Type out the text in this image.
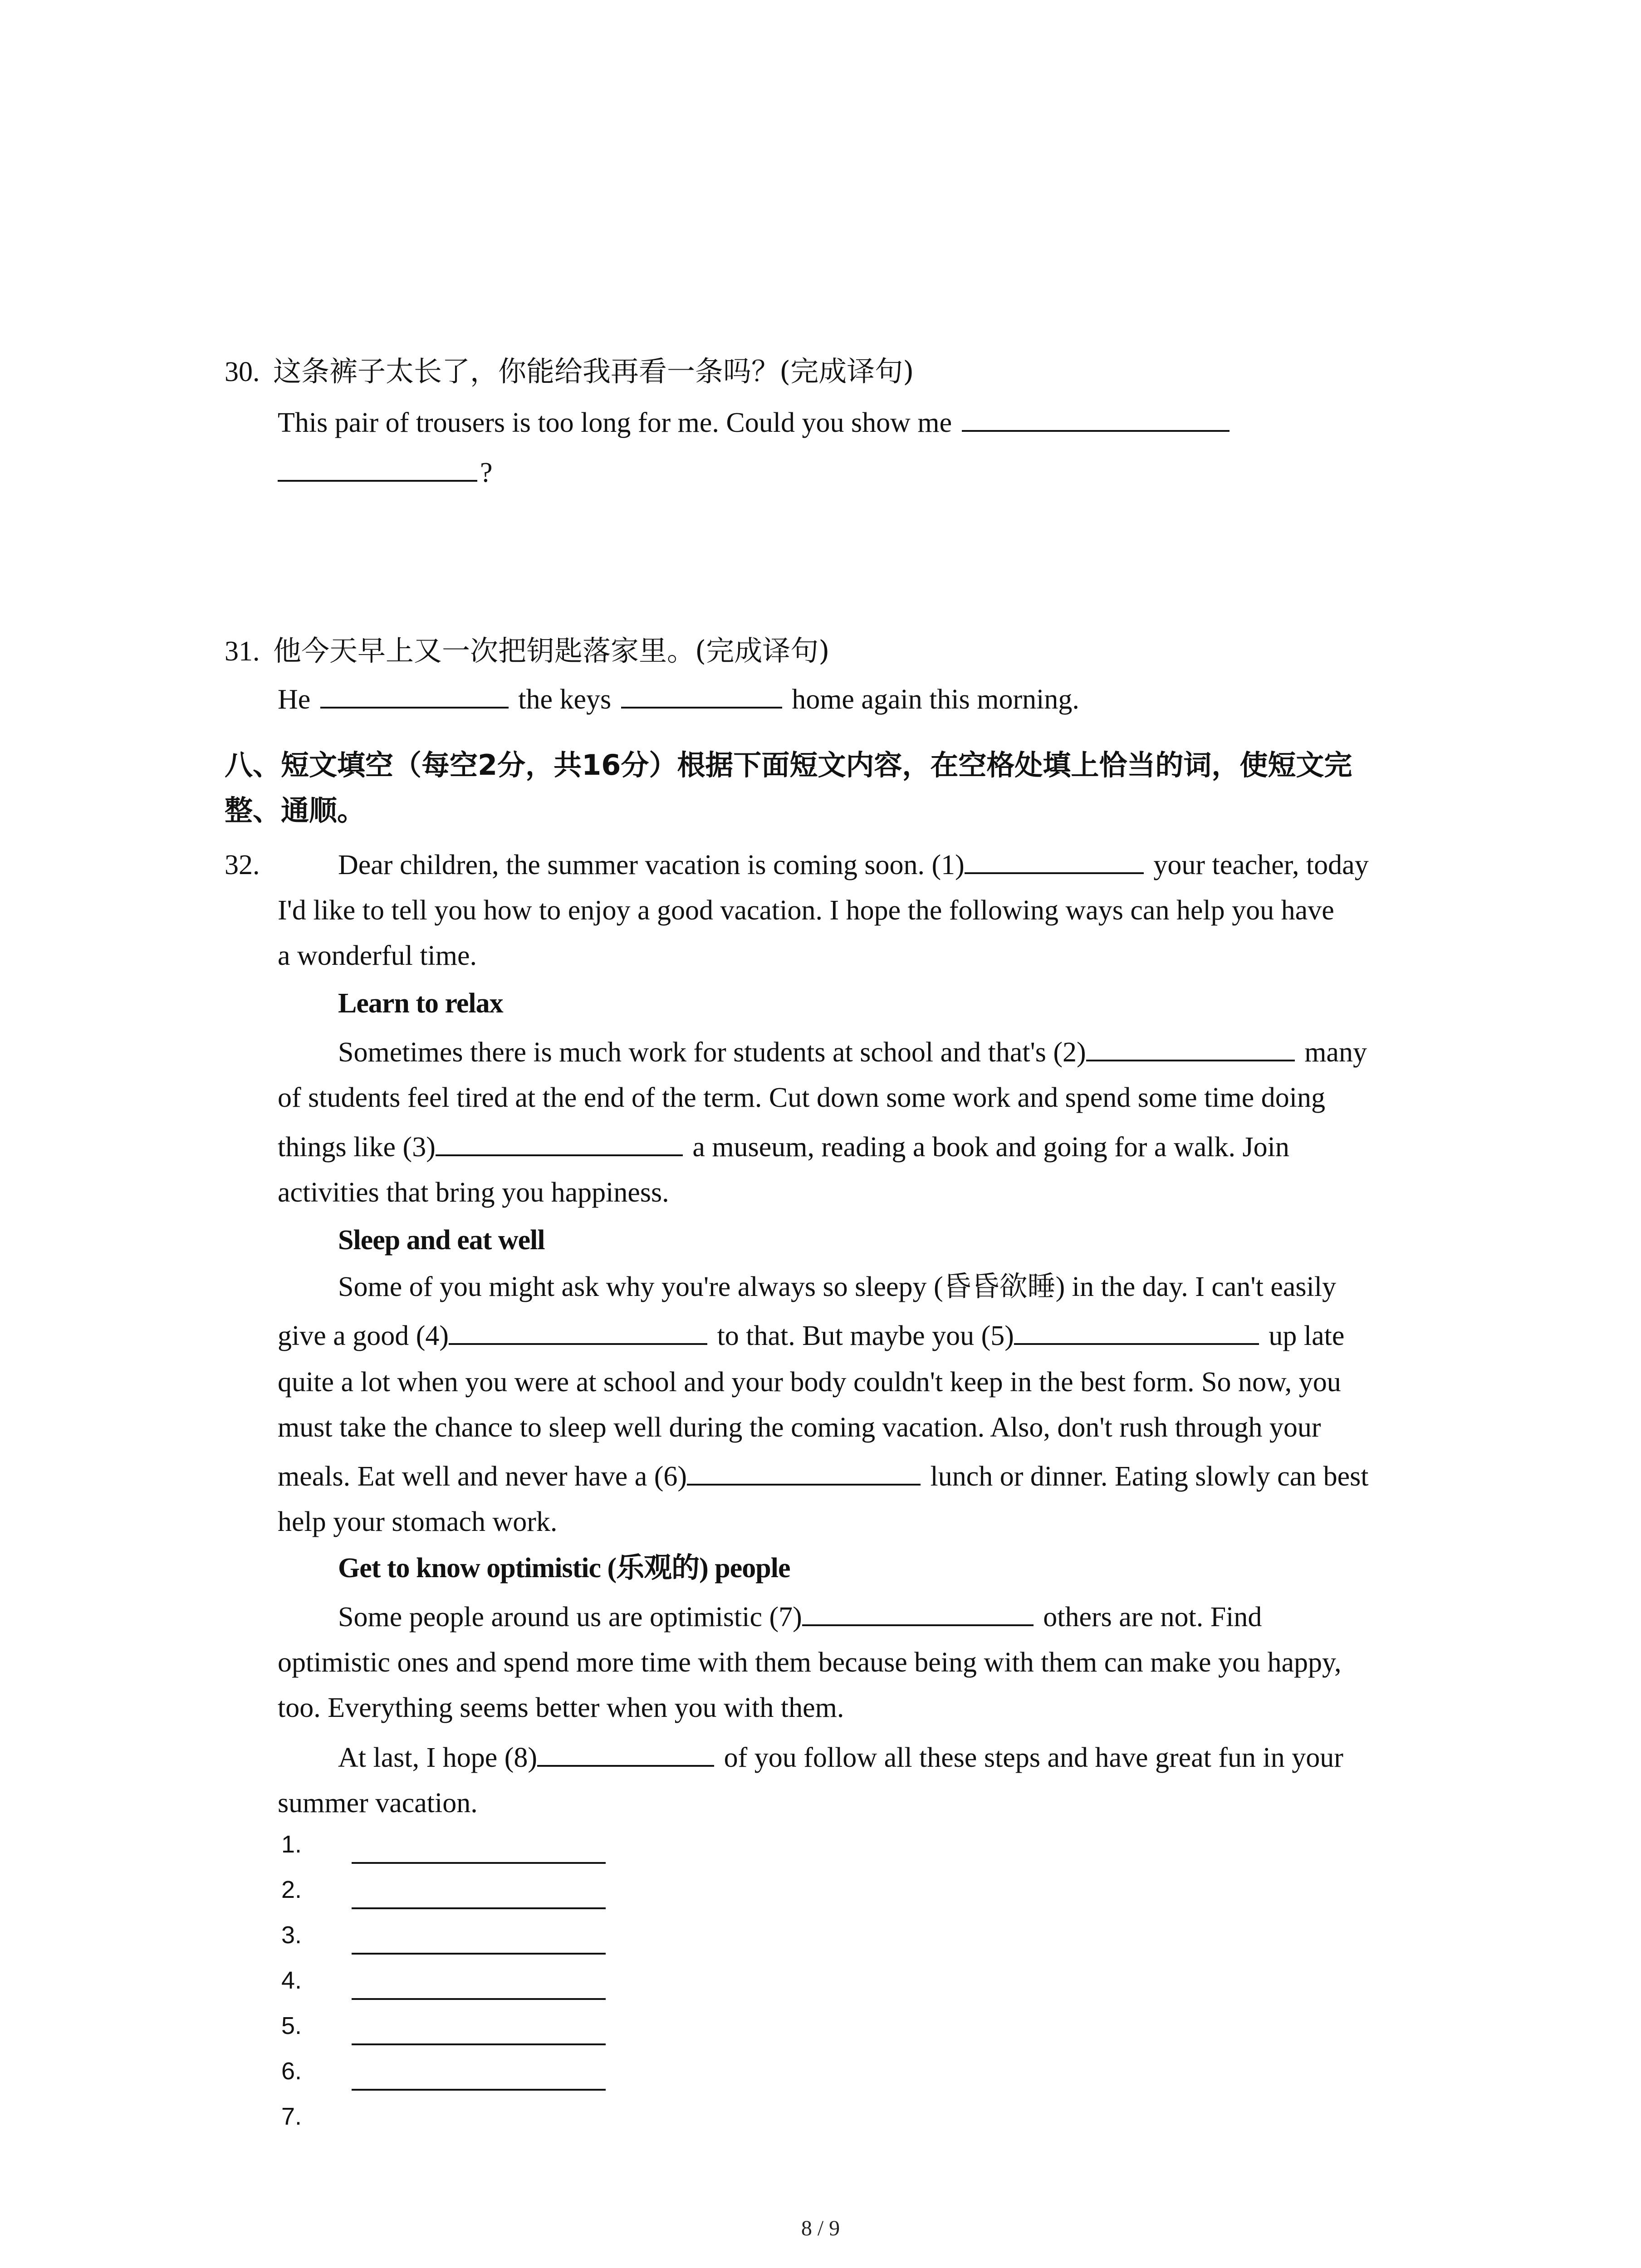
30. 这条裤子太长了，你能给我再看一条吗？(完成译句)
This pair of trousers is too long for me. Could you show me
?
31. 他今天早上又一次把钥匙落家里。(完成译句)
He	the keys	home again this morning.
八、短文填空（每空2分，共16分）根据下面短文内容，在空格处填上恰当的词，使短文完
整、通顺。
32.	Dear children, the summer vacation is coming soon. (1)	your teacher, today
I'd like to tell you how to enjoy a good vacation. I hope the following ways can help you have
a wonderful time.
Learn to relax
Sometimes there is much work for students at school and that's (2)	many
of students feel tired at the end of the term. Cut down some work and spend some time doing
things like (3)	a museum, reading a book and going for a walk. Join
activities that bring you happiness.
Sleep and eat well
Some of you might ask why you're always so sleepy (昏昏欲睡) in the day. I can't easily
give a good (4)	to that. But maybe you (5)	up late
quite a lot when you were at school and your body couldn't keep in the best form. So now, you
must take the chance to sleep well during the coming vacation. Also, don't rush through your
meals. Eat well and never have a (6)	lunch or dinner. Eating slowly can best
help your stomach work.
Get to know optimistic (乐观的) people
Some people around us are optimistic (7)	others are not. Find
optimistic ones and spend more time with them because being with them can make you happy,
too. Everything seems better when you with them.
At last, I hope (8)	of you follow all these steps and have great fun in your
summer vacation.
1.
2.
3.
4.
5.
6.
7.
8 / 9
